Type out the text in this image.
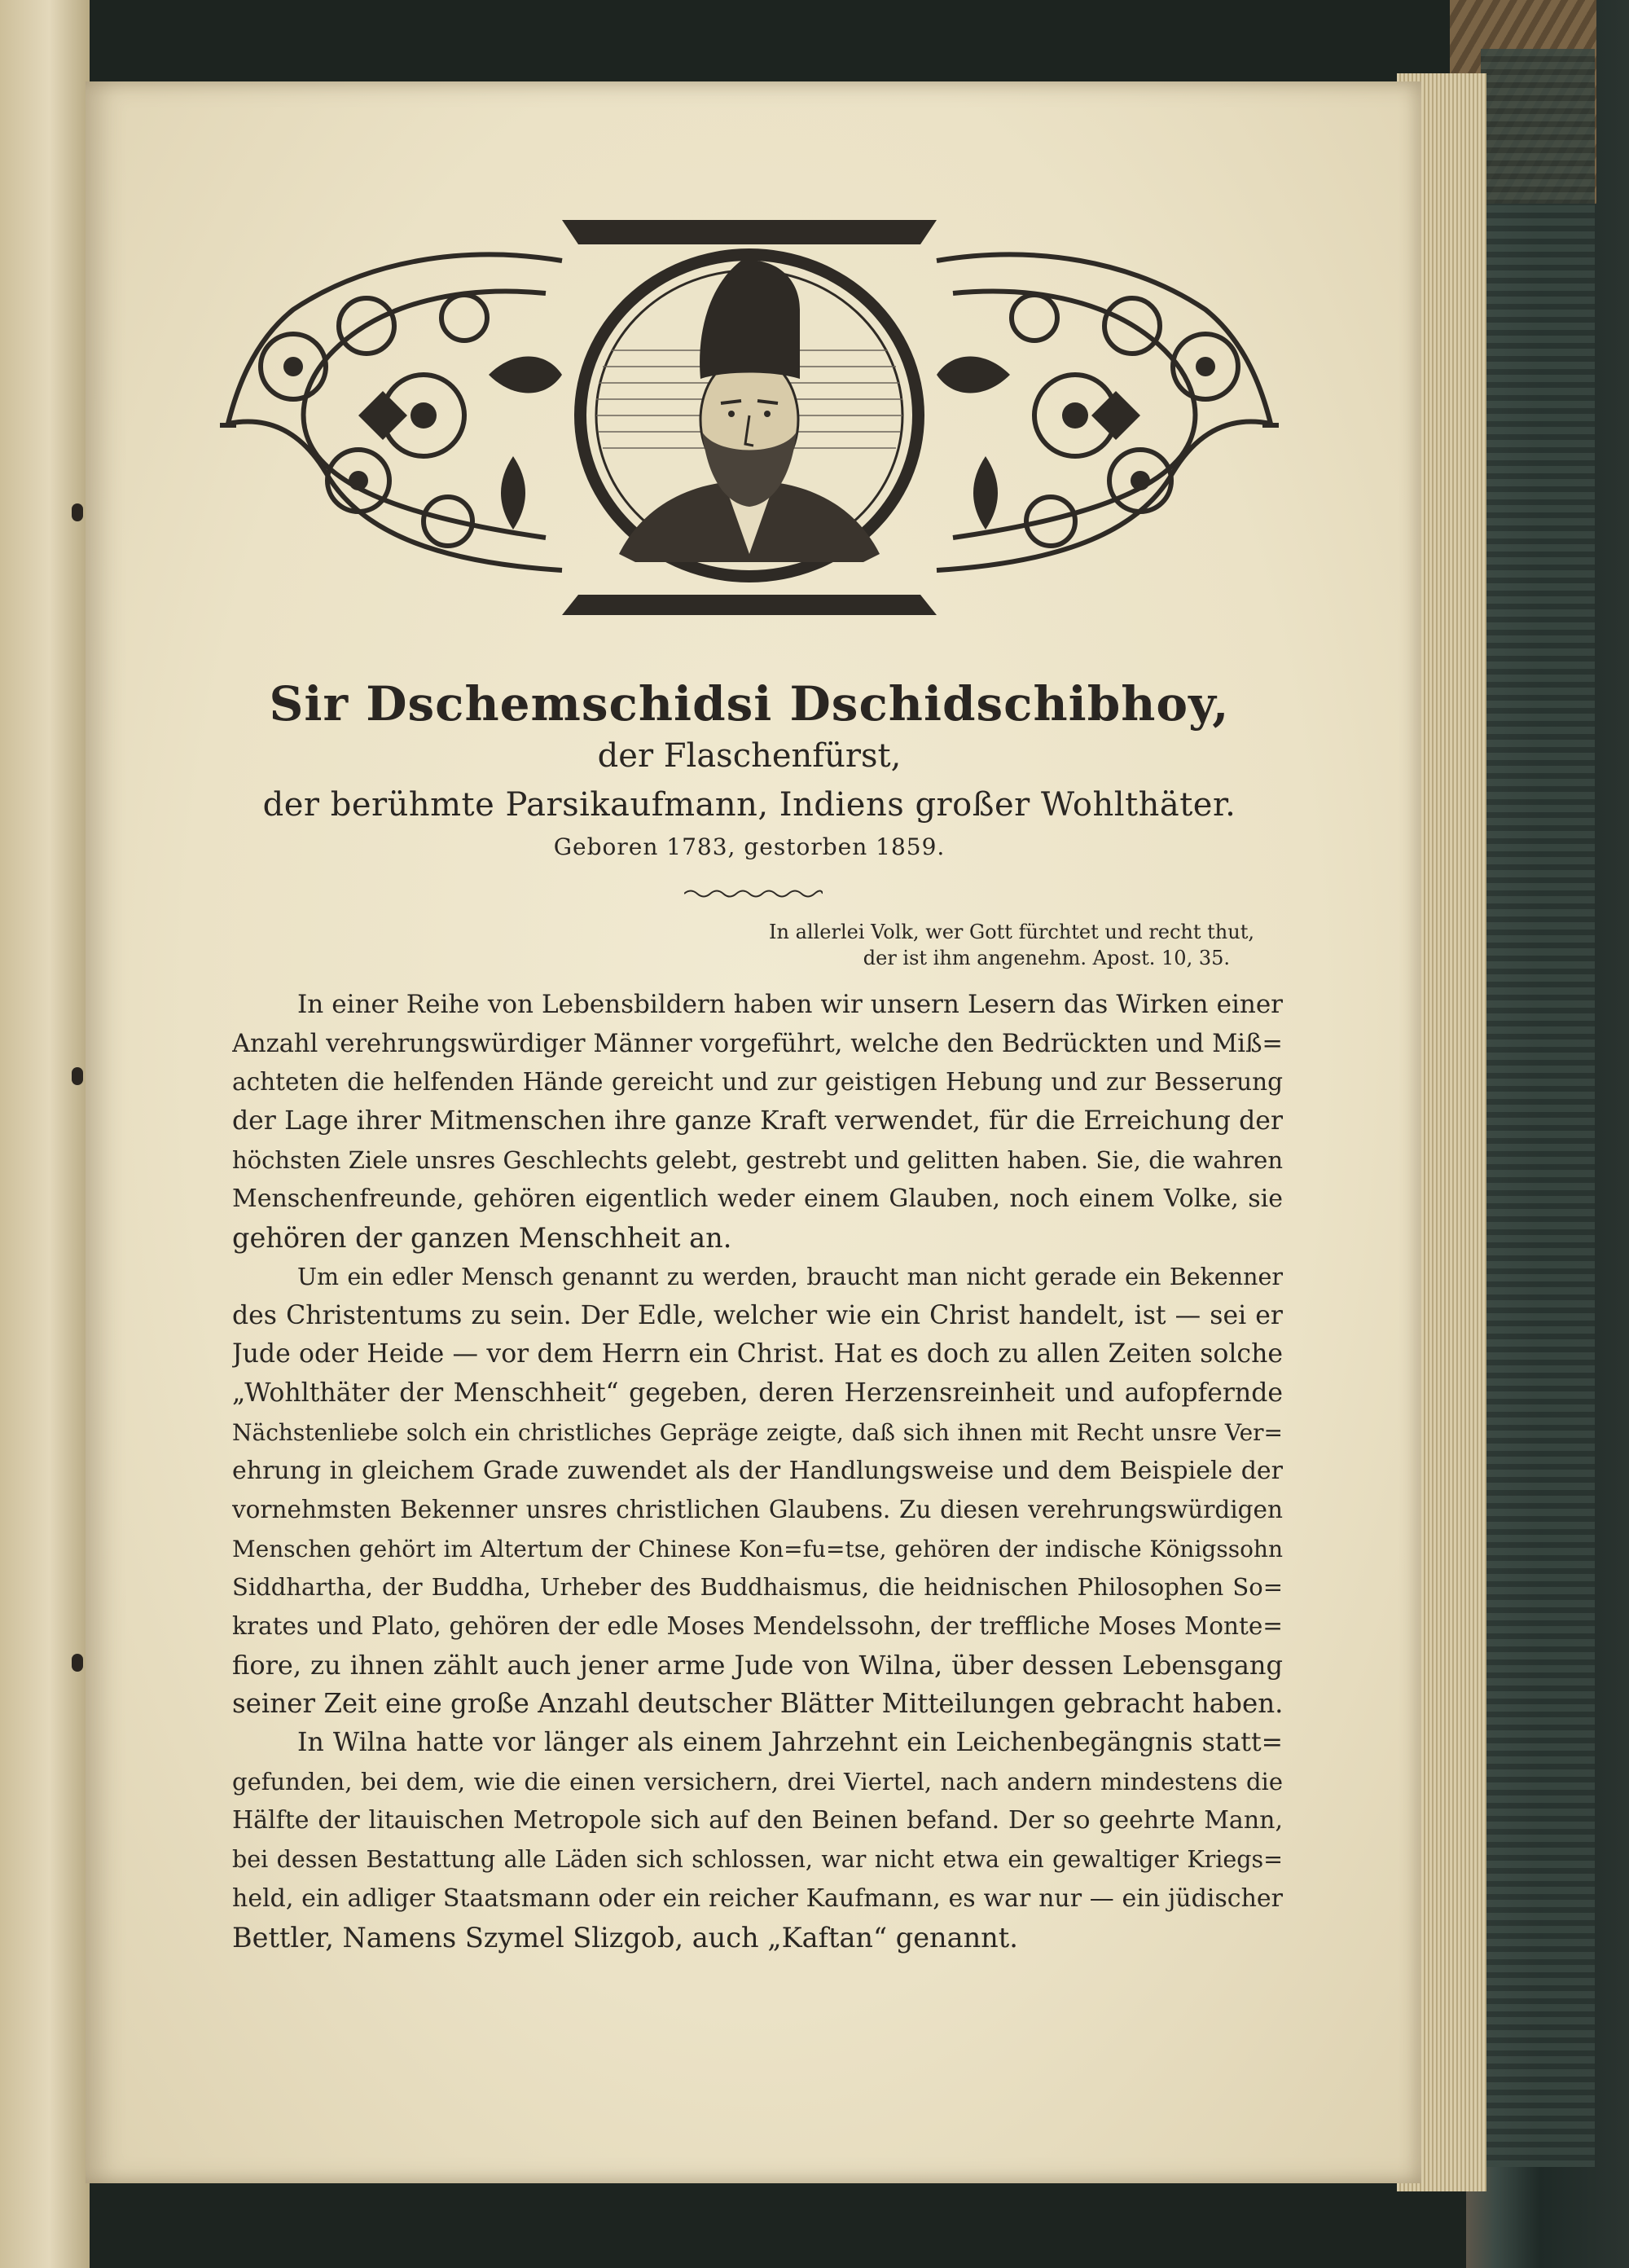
Sir Dschemschidsi Dschidschibhoy,
der Flaschenfürst,
der berühmte Parsikaufmann, Indiens großer Wohlthäter.
Geboren 1783, gestorben 1859.
In allerlei Volk, wer Gott fürchtet und recht thut,
der ist ihm angenehm. Apost. 10, 35.
In einer Reihe von Lebensbildern haben wir unsern Lesern das Wirken einer
Anzahl verehrungswürdiger Männer vorgeführt, welche den Bedrückten und Miß=
achteten die helfenden Hände gereicht und zur geistigen Hebung und zur Besserung
der Lage ihrer Mitmenschen ihre ganze Kraft verwendet, für die Erreichung der
höchsten Ziele unsres Geschlechts gelebt, gestrebt und gelitten haben. Sie, die wahren
Menschenfreunde, gehören eigentlich weder einem Glauben, noch einem Volke, sie
gehören der ganzen Menschheit an.
Um ein edler Mensch genannt zu werden, braucht man nicht gerade ein Bekenner
des Christentums zu sein. Der Edle, welcher wie ein Christ handelt, ist — sei er
Jude oder Heide — vor dem Herrn ein Christ. Hat es doch zu allen Zeiten solche
„Wohlthäter der Menschheit“ gegeben, deren Herzensreinheit und aufopfernde
Nächstenliebe solch ein christliches Gepräge zeigte, daß sich ihnen mit Recht unsre Ver=
ehrung in gleichem Grade zuwendet als der Handlungsweise und dem Beispiele der
vornehmsten Bekenner unsres christlichen Glaubens. Zu diesen verehrungswürdigen
Menschen gehört im Altertum der Chinese Kon=fu=tse, gehören der indische Königssohn
Siddhartha, der Buddha, Urheber des Buddhaismus, die heidnischen Philosophen So=
krates und Plato, gehören der edle Moses Mendelssohn, der treffliche Moses Monte=
fiore, zu ihnen zählt auch jener arme Jude von Wilna, über dessen Lebensgang
seiner Zeit eine große Anzahl deutscher Blätter Mitteilungen gebracht haben.
In Wilna hatte vor länger als einem Jahrzehnt ein Leichenbegängnis statt=
gefunden, bei dem, wie die einen versichern, drei Viertel, nach andern mindestens die
Hälfte der litauischen Metropole sich auf den Beinen befand. Der so geehrte Mann,
bei dessen Bestattung alle Läden sich schlossen, war nicht etwa ein gewaltiger Kriegs=
held, ein adliger Staatsmann oder ein reicher Kaufmann, es war nur — ein jüdischer
Bettler, Namens Szymel Slizgob, auch „Kaftan“ genannt.
